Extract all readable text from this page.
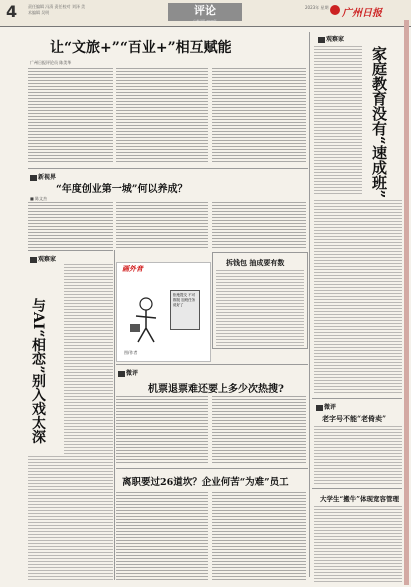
4	责任编辑 冯清 责任校对 刘泽 美术编辑 吴明	评论
广州日报 2023年
2023年 星期
广州日报
让“文旅+”“百业+”相互赋能
广州日报评论员 陈美华
观察家
家庭教育没有“速成班”
新视界
“年度创业第一城”何以养成？
■ 陈文杰
观察家
与AI“相恋”别入戏太深
画外音
拒绝提交 不可推脱 加班任务 说好了
图/作者
拆钱包 抽成要有数
微评
机票退票难还要上多少次热搜?
离职要过26道坎？企业何苦“为难”员工
微评
老字号不能“老倚卖”
大学生“搬牛”体现宽容管理
